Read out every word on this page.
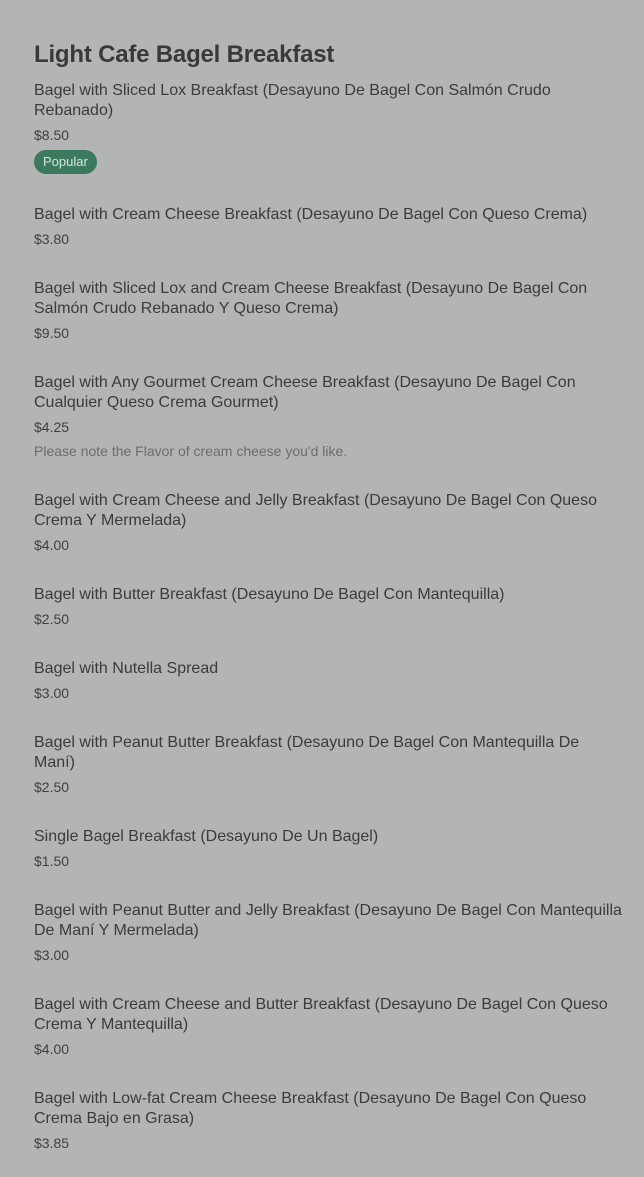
Light Cafe Bagel Breakfast
Bagel with Sliced Lox Breakfast (Desayuno De Bagel Con Salmón Crudo Rebanado)
$8.50
Popular
Bagel with Cream Cheese Breakfast (Desayuno De Bagel Con Queso Crema)
$3.80
Bagel with Sliced Lox and Cream Cheese Breakfast (Desayuno De Bagel Con Salmón Crudo Rebanado Y Queso Crema)
$9.50
Bagel with Any Gourmet Cream Cheese Breakfast (Desayuno De Bagel Con Cualquier Queso Crema Gourmet)
$4.25
Please note the Flavor of cream cheese you'd like.
Bagel with Cream Cheese and Jelly Breakfast (Desayuno De Bagel Con Queso Crema Y Mermelada)
$4.00
Bagel with Butter Breakfast (Desayuno De Bagel Con Mantequilla)
$2.50
Bagel with Nutella Spread
$3.00
Bagel with Peanut Butter Breakfast (Desayuno De Bagel Con Mantequilla De Maní)
$2.50
Single Bagel Breakfast (Desayuno De Un Bagel)
$1.50
Bagel with Peanut Butter and Jelly Breakfast (Desayuno De Bagel Con Mantequilla De Maní Y Mermelada)
$3.00
Bagel with Cream Cheese and Butter Breakfast (Desayuno De Bagel Con Queso Crema Y Mantequilla)
$4.00
Bagel with Low-fat Cream Cheese Breakfast (Desayuno De Bagel Con Queso Crema Bajo en Grasa)
$3.85
